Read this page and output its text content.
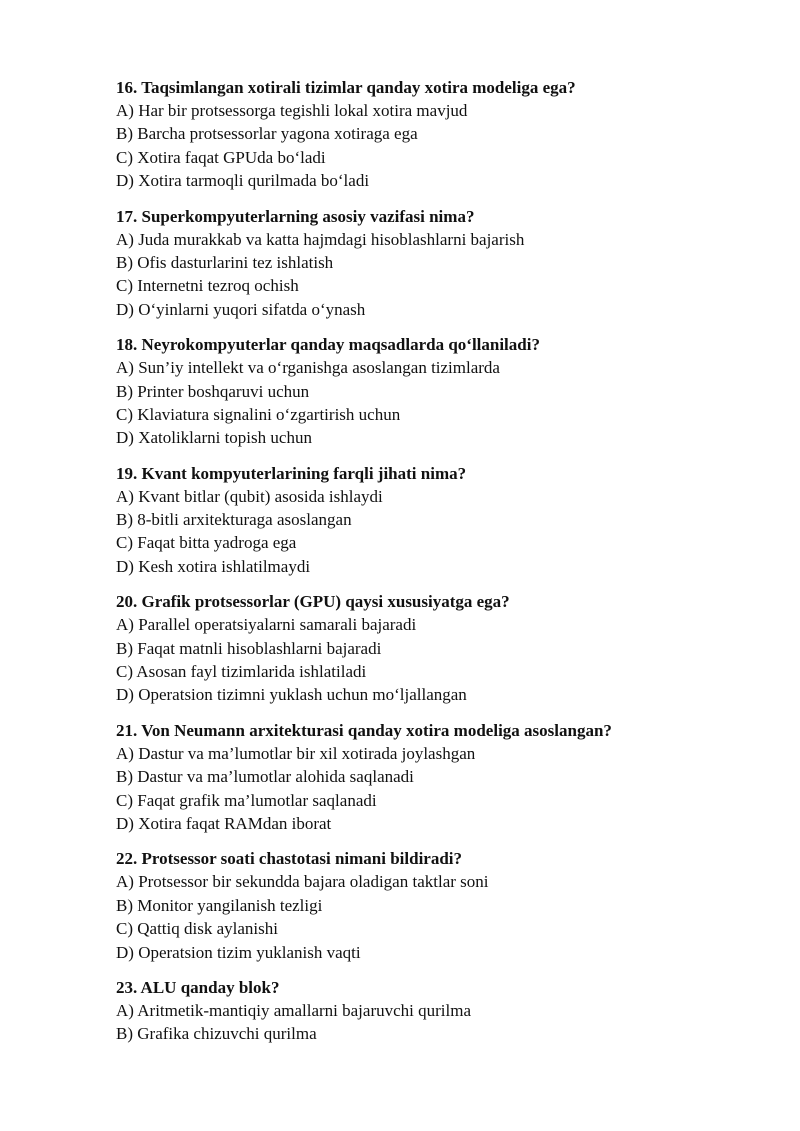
16. Taqsimlangan xotirali tizimlar qanday xotira modeliga ega?
A) Har bir protsessorga tegishli lokal xotira mavjud
B) Barcha protsessorlar yagona xotiraga ega
C) Xotira faqat GPUda bo‘ladi
D) Xotira tarmoqli qurilmada bo‘ladi
17. Superkompyuterlarning asosiy vazifasi nima?
A) Juda murakkab va katta hajmdagi hisoblashlarni bajarish
B) Ofis dasturlarini tez ishlatish
C) Internetni tezroq ochish
D) O‘yinlarni yuqori sifatda o‘ynash
18. Neyrokompyuterlar qanday maqsadlarda qo‘llaniladi?
A) Sun’iy intellekt va o‘rganishga asoslangan tizimlarda
B) Printer boshqaruvi uchun
C) Klaviatura signalini o‘zgartirish uchun
D) Xatoliklarni topish uchun
19. Kvant kompyuterlarining farqli jihati nima?
A) Kvant bitlar (qubit) asosida ishlaydi
B) 8-bitli arxitekturaga asoslangan
C) Faqat bitta yadroga ega
D) Kesh xotira ishlatilmaydi
20. Grafik protsessorlar (GPU) qaysi xususiyatga ega?
A) Parallel operatsiyalarni samarali bajaradi
B) Faqat matnli hisoblashlarni bajaradi
C) Asosan fayl tizimlarida ishlatiladi
D) Operatsion tizimni yuklash uchun mo‘ljallangan
21. Von Neumann arxitekturasi qanday xotira modeliga asoslangan?
A) Dastur va ma’lumotlar bir xil xotirada joylashgan
B) Dastur va ma’lumotlar alohida saqlanadi
C) Faqat grafik ma’lumotlar saqlanadi
D) Xotira faqat RAMdan iborat
22. Protsessor soati chastotasi nimani bildiradi?
A) Protsessor bir sekundda bajara oladigan taktlar soni
B) Monitor yangilanish tezligi
C) Qattiq disk aylanishi
D) Operatsion tizim yuklanish vaqti
23. ALU qanday blok?
A) Aritmetik-mantiqiy amallarni bajaruvchi qurilma
B) Grafika chizuvchi qurilma
